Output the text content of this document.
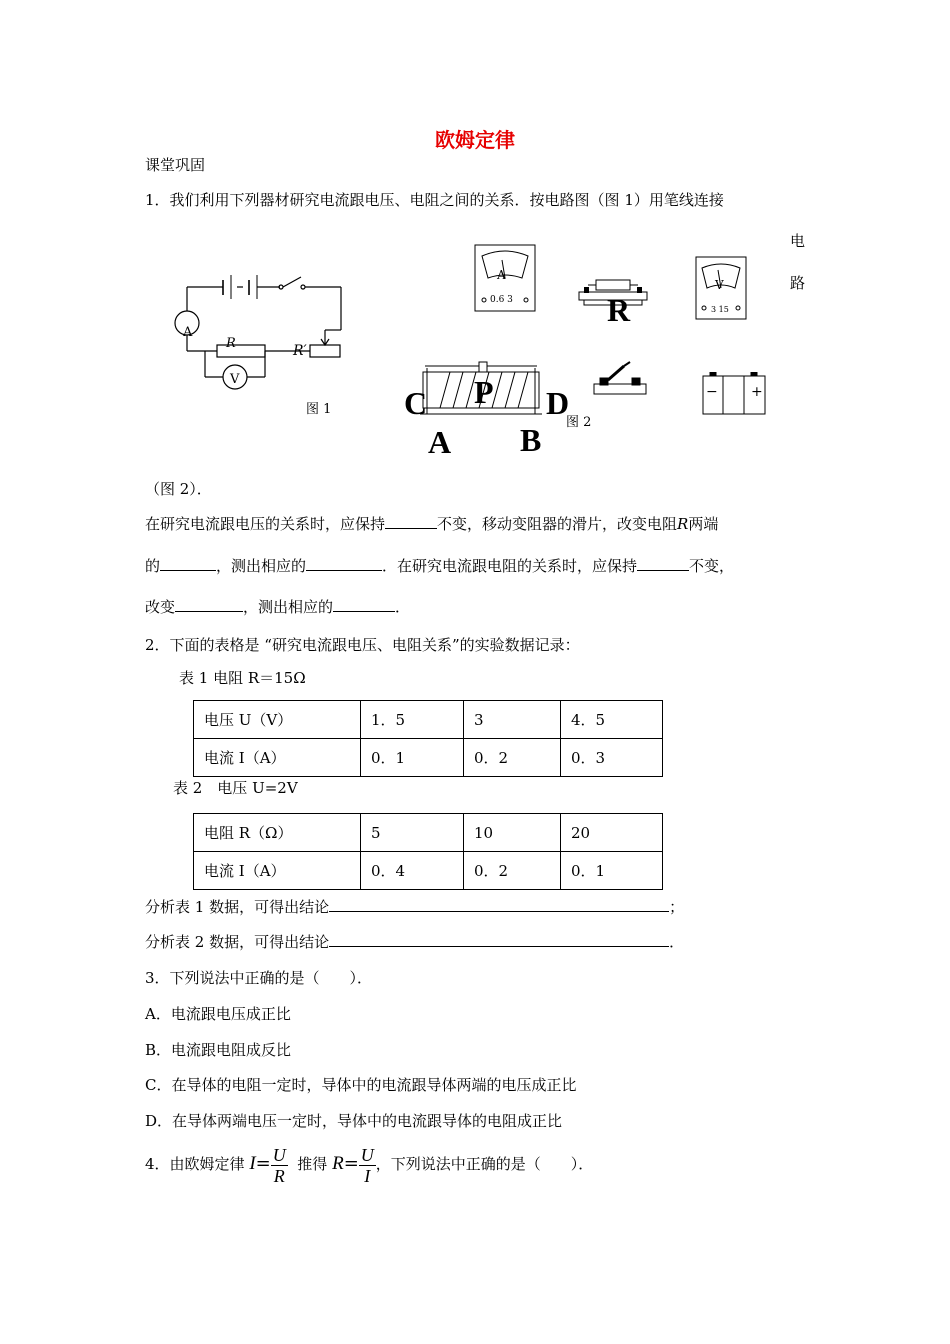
欧姆定律
课堂巩固
1．我们利用下列器材研究电流跟电压、电阻之间的关系．按电路图（图 1）用笔线连接
电
路
A
V
R	R′
图 1
A
0.6 3	R
V
3 15
P
C	D
A B 图 2
− +
（图 2）．
在研究电流跟电压的关系时，应保持	不变，移动变阻器的滑片，改变电阻R两端
的	，测出相应的	．在研究电流跟电阻的关系时，应保持	不变，
改变	，测出相应的	．
2．下面的表格是 “研究电流跟电压、电阻关系”的实验数据记录：
表 1 电阻 R＝15Ω
电压 U（V）	1．5	3	4．5
电流 I（A）	0．1	0．2	0．3
表 2　电压 U=2V
电阻 R（Ω）	5	10	20
电流 I（A）	0．4	0．2	0．1
分析表 1 数据，可得出结论	；
分析表 2 数据，可得出结论	．
3．下列说法中正确的是（　　）．
A．电流跟电压成正比
B．电流跟电阻成反比
C．在导体的电阻一定时，导体中的电流跟导体两端的电压成正比
D．在导体两端电压一定时，导体中的电流跟导体的电阻成正比
4．由欧姆定律 $I= \frac{U}{R}$ 推得 $R= \frac{U}{I}$ ，下列说法中正确的是（　　）．
